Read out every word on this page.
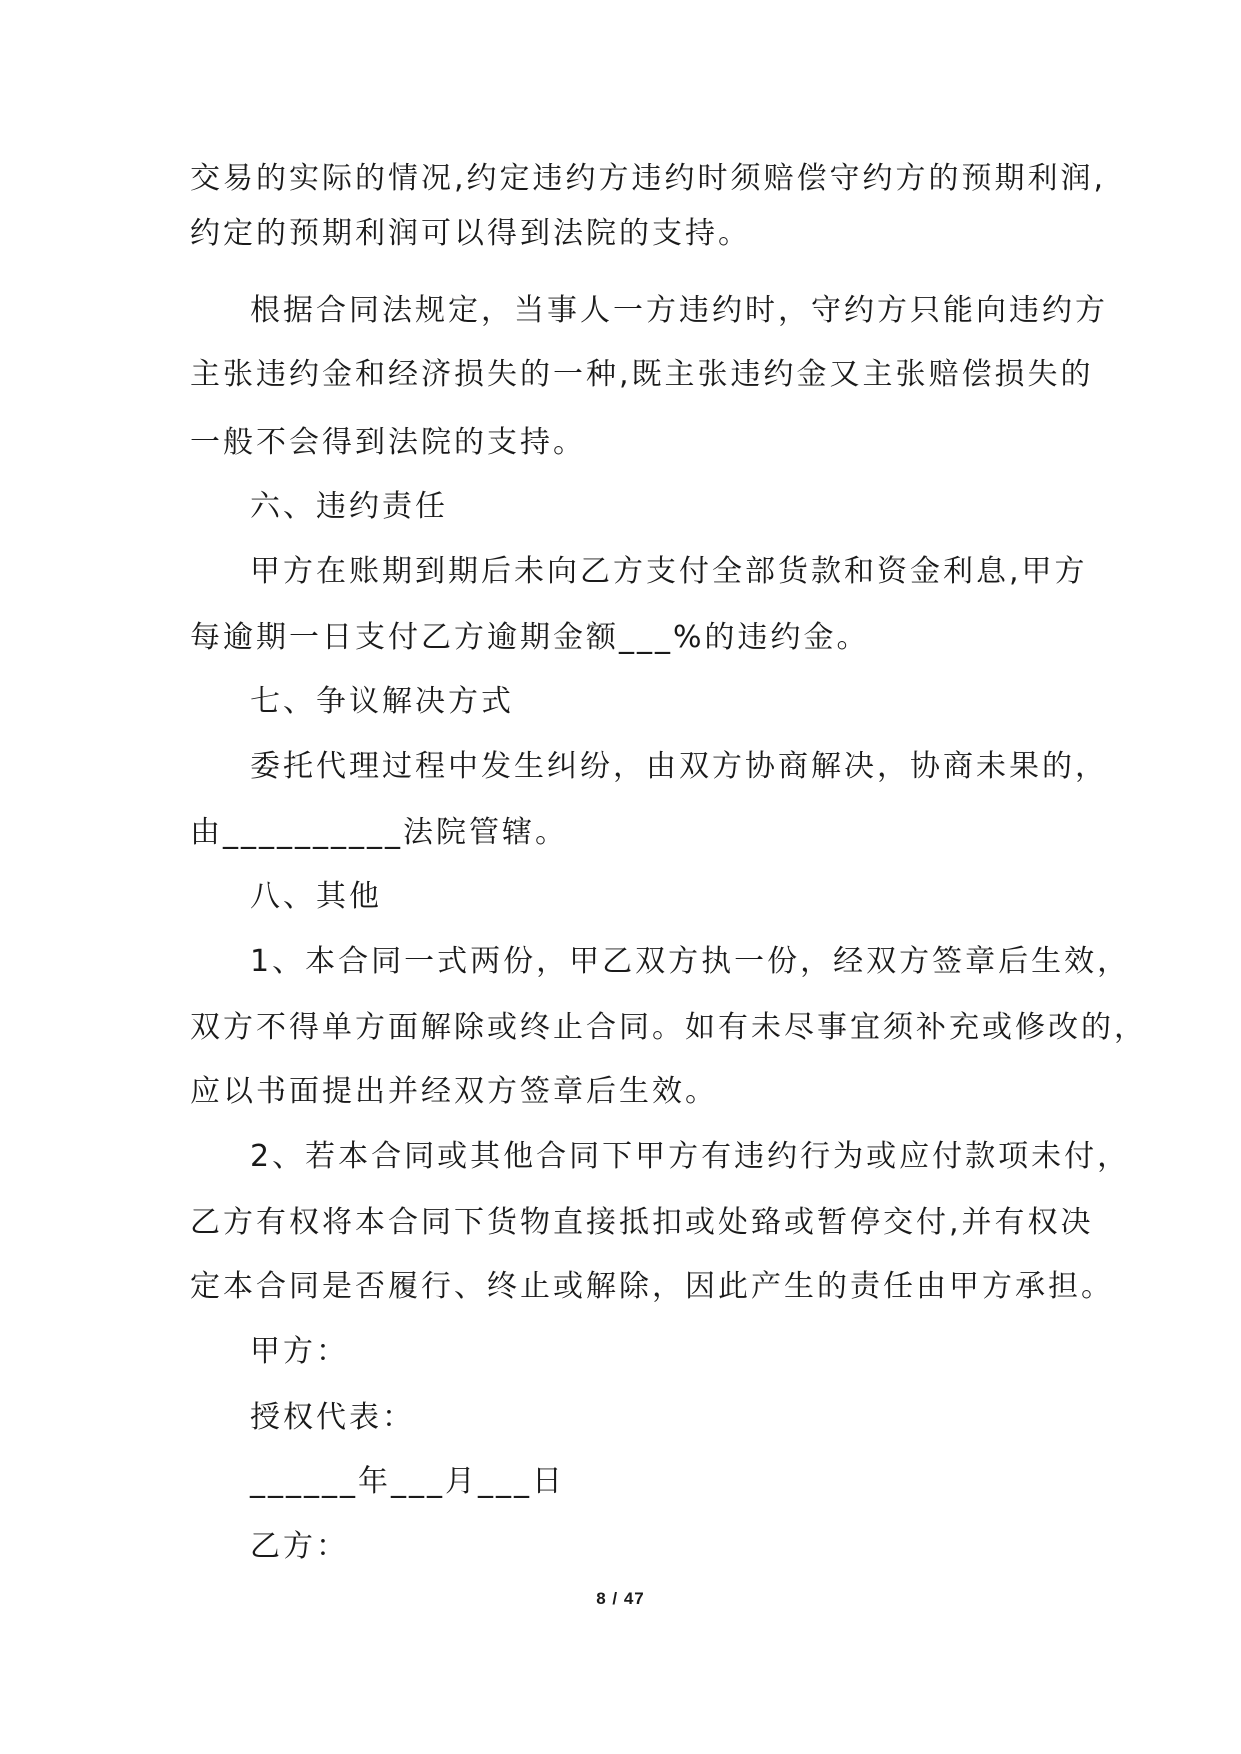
交易的实际的情况,约定违约方违约时须赔偿守约方的预期利润,
约定的预期利润可以得到法院的支持。
根据合同法规定，当事人一方违约时，守约方只能向违约方
主张违约金和经济损失的一种,既主张违约金又主张赔偿损失的
一般不会得到法院的支持。
六、违约责任
甲方在账期到期后未向乙方支付全部货款和资金利息,甲方
每逾期一日支付乙方逾期金额___%的违约金。
七、争议解决方式
委托代理过程中发生纠纷，由双方协商解决，协商未果的，
由__________法院管辖。
八、其他
1、本合同一式两份，甲乙双方执一份，经双方签章后生效，
双方不得单方面解除或终止合同。如有未尽事宜须补充或修改的，
应以书面提出并经双方签章后生效。
2、若本合同或其他合同下甲方有违约行为或应付款项未付，
乙方有权将本合同下货物直接抵扣或处臵或暂停交付,并有权决
定本合同是否履行、终止或解除，因此产生的责任由甲方承担。
甲方：
授权代表：
______年___月___日
乙方：
8 / 47
